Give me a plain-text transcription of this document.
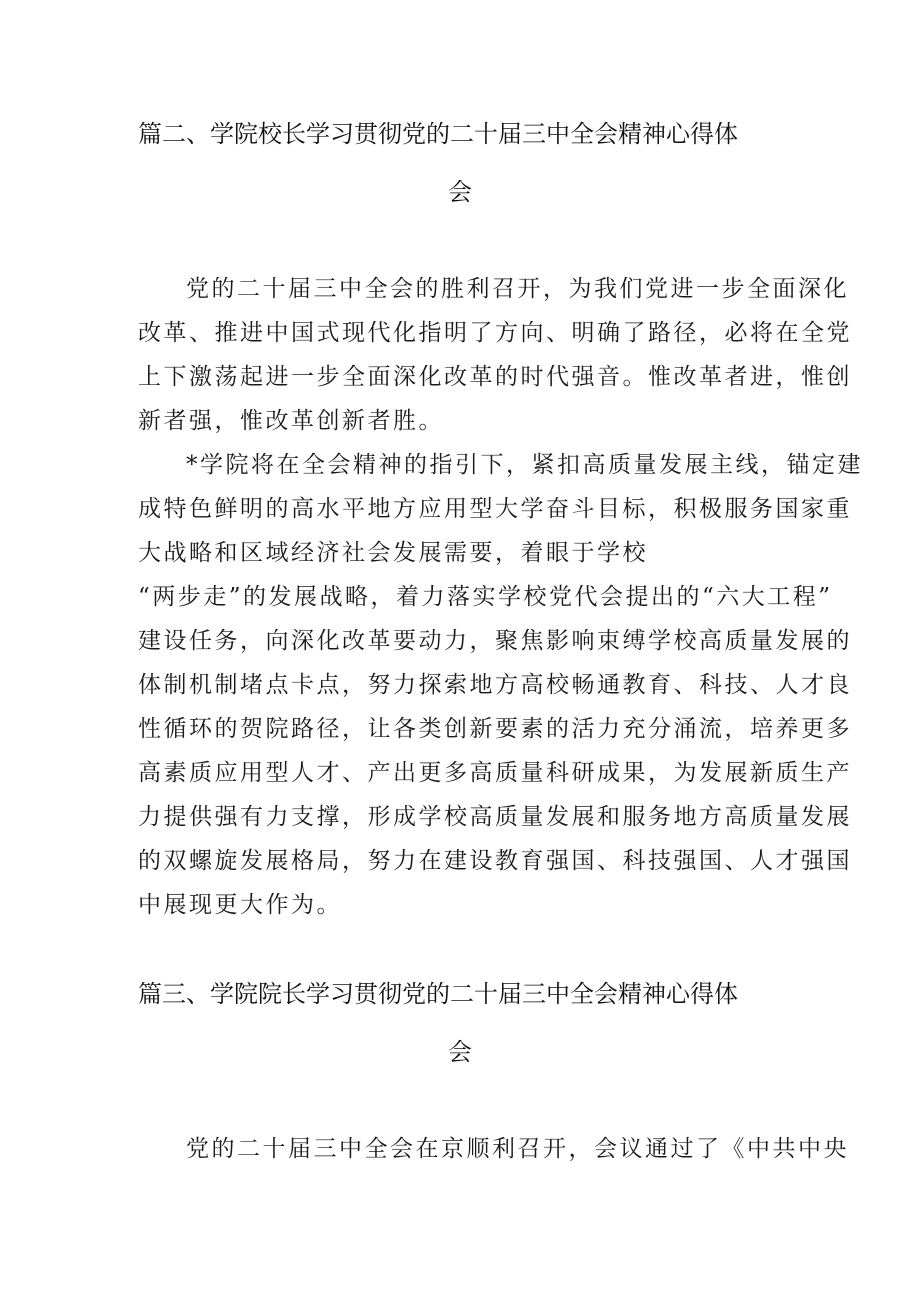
篇二、学院校长学习贯彻党的二十届三中全会精神心得体
会
党的二十届三中全会的胜利召开，为我们党进一步全面深化
改革、推进中国式现代化指明了方向、明确了路径，必将在全党
上下激荡起进一步全面深化改革的时代强音。惟改革者进，惟创
新者强，惟改革创新者胜。
*学院将在全会精神的指引下，紧扣高质量发展主线，锚定建
成特色鲜明的高水平地方应用型大学奋斗目标，积极服务国家重
大战略和区域经济社会发展需要，着眼于学校
“两步走”的发展战略，着力落实学校党代会提出的“六大工程”
建设任务，向深化改革要动力，聚焦影响束缚学校高质量发展的
体制机制堵点卡点，努力探索地方高校畅通教育、科技、人才良
性循环的贺院路径，让各类创新要素的活力充分涌流，培养更多
高素质应用型人才、产出更多高质量科研成果，为发展新质生产
力提供强有力支撑，形成学校高质量发展和服务地方高质量发展
的双螺旋发展格局，努力在建设教育强国、科技强国、人才强国
中展现更大作为。
篇三、学院院长学习贯彻党的二十届三中全会精神心得体
会
党的二十届三中全会在京顺利召开，会议通过了《中共中央
